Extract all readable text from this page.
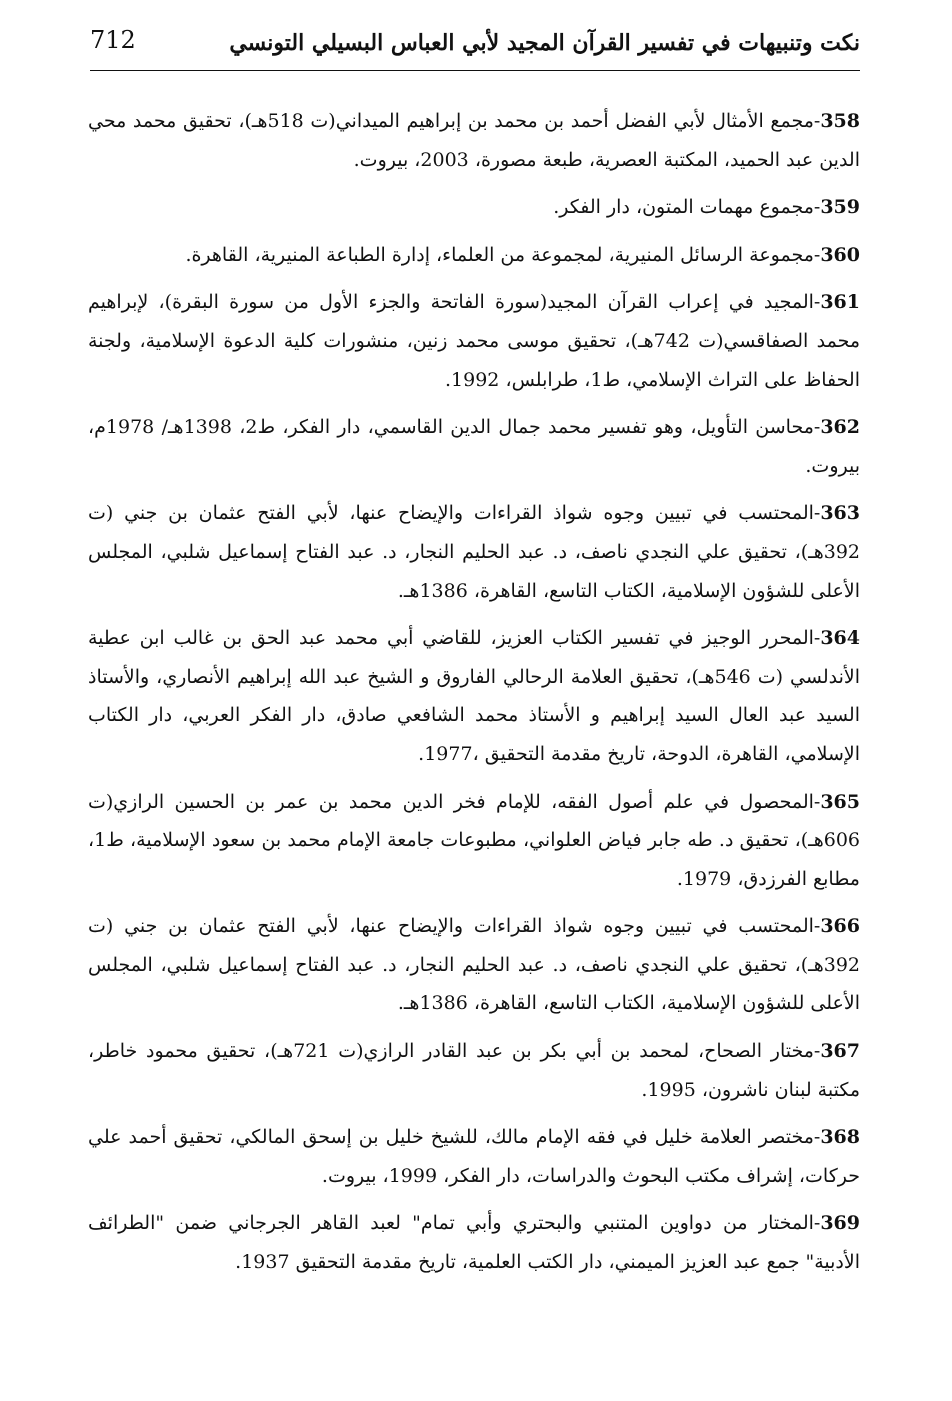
نكت وتنبيهات في تفسير القرآن المجيد لأبي العباس البسيلي التونسي
712

358-مجمع الأمثال لأبي الفضل أحمد بن محمد بن إبراهيم الميداني(ت 518هـ)، تحقيق محمد محي الدين عبد الحميد، المكتبة العصرية، طبعة مصورة، 2003، بيروت.

359-مجموع مهمات المتون، دار الفكر.

360-مجموعة الرسائل المنيرية، لمجموعة من العلماء، إدارة الطباعة المنيرية، القاهرة.

361-المجيد في إعراب القرآن المجيد(سورة الفاتحة والجزء الأول من سورة البقرة)، لإبراهيم محمد الصفاقسي(ت 742هـ)، تحقيق موسى محمد زنين، منشورات كلية الدعوة الإسلامية، ولجنة الحفاظ على التراث الإسلامي، ط1، طرابلس، 1992.

362-محاسن التأويل، وهو تفسير محمد جمال الدين القاسمي، دار الفكر، ط2، 1398هـ/ 1978م، بيروت.

363-المحتسب في تبيين وجوه شواذ القراءات والإيضاح عنها، لأبي الفتح عثمان بن جني (ت 392هـ)، تحقيق علي النجدي ناصف، د. عبد الحليم النجار، د. عبد الفتاح إسماعيل شلبي، المجلس الأعلى للشؤون الإسلامية، الكتاب التاسع، القاهرة، 1386هـ.

364-المحرر الوجيز في تفسير الكتاب العزيز، للقاضي أبي محمد عبد الحق بن غالب ابن عطية الأندلسي (ت 546هـ)، تحقيق العلامة الرحالي الفاروق و الشيخ عبد الله إبراهيم الأنصاري، والأستاذ السيد عبد العال السيد إبراهيم و الأستاذ محمد الشافعي صادق، دار الفكر العربي، دار الكتاب الإسلامي، القاهرة، الدوحة، تاريخ مقدمة التحقيق ،1977.

365-المحصول في علم أصول الفقه، للإمام فخر الدين محمد بن عمر بن الحسين الرازي(ت 606هـ)، تحقيق د. طه جابر فياض العلواني، مطبوعات جامعة الإمام محمد بن سعود الإسلامية، ط1، مطابع الفرزدق، 1979.

366-المحتسب في تبيين وجوه شواذ القراءات والإيضاح عنها، لأبي الفتح عثمان بن جني (ت 392هـ)، تحقيق علي النجدي ناصف، د. عبد الحليم النجار، د. عبد الفتاح إسماعيل شلبي، المجلس الأعلى للشؤون الإسلامية، الكتاب التاسع، القاهرة، 1386هـ.

367-مختار الصحاح، لمحمد بن أبي بكر بن عبد القادر الرازي(ت 721هـ)، تحقيق محمود خاطر، مكتبة لبنان ناشرون، 1995.

368-مختصر العلامة خليل في فقه الإمام مالك، للشيخ خليل بن إسحق المالكي، تحقيق أحمد علي حركات، إشراف مكتب البحوث والدراسات، دار الفكر، 1999، بيروت.

369-المختار من دواوين المتنبي والبحتري وأبي تمام" لعبد القاهر الجرجاني ضمن "الطرائف الأدبية" جمع عبد العزيز الميمني، دار الكتب العلمية، تاريخ مقدمة التحقيق 1937.
